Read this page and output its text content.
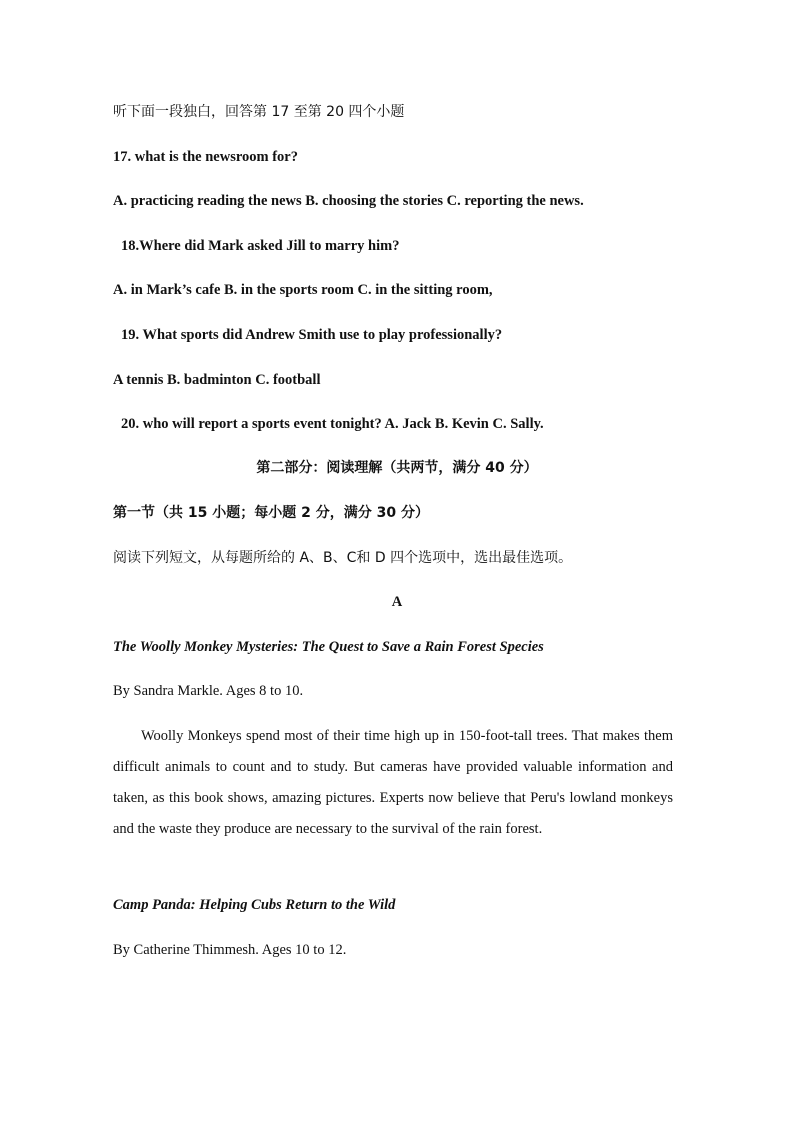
听下面一段独白，回答第 17 至第 20 四个小题
17. what is the newsroom for?
A. practicing reading the news B. choosing the stories C. reporting the news.
18.Where did Mark asked Jill to marry him?
A. in Mark’s cafe B. in the sports room C. in the sitting room,
19. What sports did Andrew Smith use to play professionally?
A tennis B. badminton C. football
20. who will report a sports event tonight? A. Jack B. Kevin C. Sally.
第二部分：阅读理解（共两节，满分 40 分）
第一节（共 15 小题；每小题 2 分，满分 30 分）
阅读下列短文，从每题所给的 A、B、C和 D 四个选项中，选出最佳选项。
A
The Woolly Monkey Mysteries: The Quest to Save a Rain Forest Species
By Sandra Markle. Ages 8 to 10.
Woolly Monkeys spend most of their time high up in 150-foot-tall trees. That makes them difficult animals to count and to study. But cameras have provided valuable information and taken, as this book shows, amazing pictures. Experts now believe that Peru's lowland monkeys and the waste they produce are necessary to the survival of the rain forest.
Camp Panda: Helping Cubs Return to the Wild
By Catherine Thimmesh. Ages 10 to 12.
